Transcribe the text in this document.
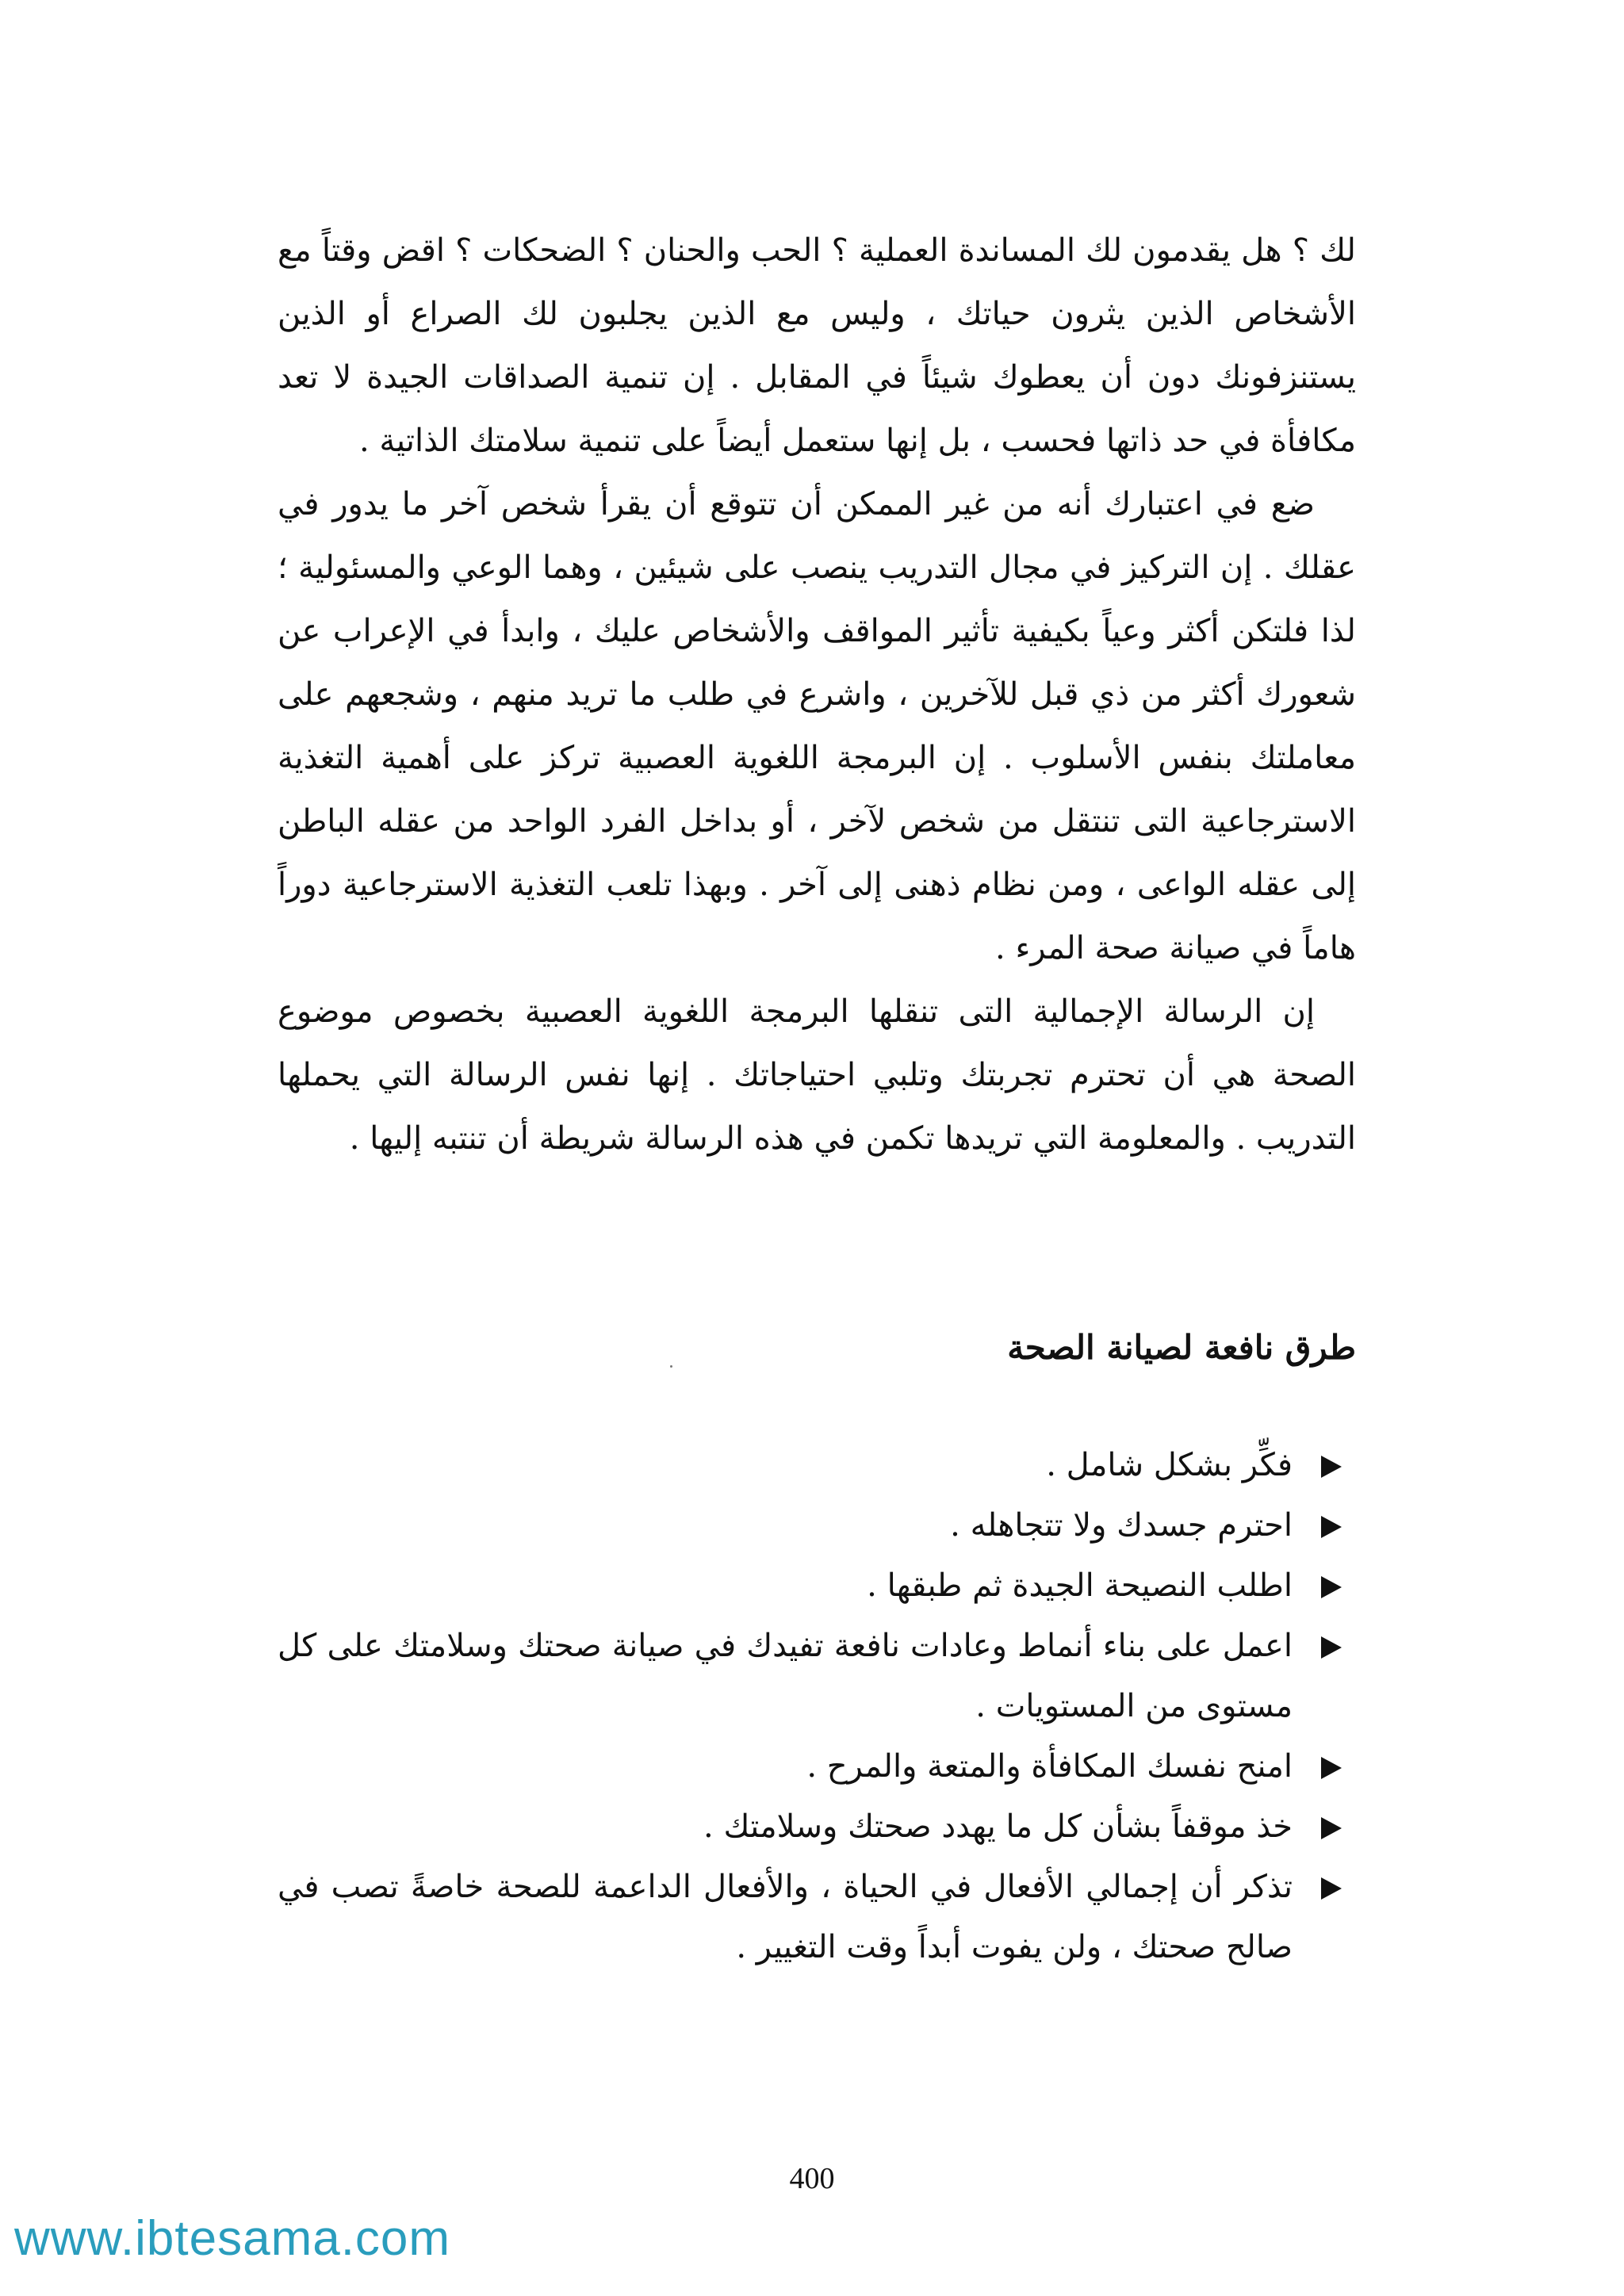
لك ؟ هل يقدمون لك المساندة العملية ؟ الحب والحنان ؟ الضحكات ؟ اقض وقتاً مع الأشخاص الذين يثرون حياتك ، وليس مع الذين يجلبون لك الصراع أو الذين يستنزفونك دون أن يعطوك شيئاً في المقابل . إن تنمية الصداقات الجيدة لا تعد مكافأة في حد ذاتها فحسب ، بل إنها ستعمل أيضاً على تنمية سلامتك الذاتية .

ضع في اعتبارك أنه من غير الممكن أن تتوقع أن يقرأ شخص آخر ما يدور في عقلك . إن التركيز في مجال التدريب ينصب على شيئين ، وهما الوعي والمسئولية ؛ لذا فلتكن أكثر وعياً بكيفية تأثير المواقف والأشخاص عليك ، وابدأ في الإعراب عن شعورك أكثر من ذي قبل للآخرين ، واشرع في طلب ما تريد منهم ، وشجعهم على معاملتك بنفس الأسلوب . إن البرمجة اللغوية العصبية تركز على أهمية التغذية الاسترجاعية التى تنتقل من شخص لآخر ، أو بداخل الفرد الواحد من عقله الباطن إلى عقله الواعى ، ومن نظام ذهنى إلى آخر . وبهذا تلعب التغذية الاسترجاعية دوراً هاماً في صيانة صحة المرء .

إن الرسالة الإجمالية التى تنقلها البرمجة اللغوية العصبية بخصوص موضوع الصحة هي أن تحترم تجربتك وتلبي احتياجاتك . إنها نفس الرسالة التي يحملها التدريب . والمعلومة التي تريدها تكمن في هذه الرسالة شريطة أن تنتبه إليها .

طرق نافعة لصيانة الصحة
فكِّر بشكل شامل .
احترم جسدك ولا تتجاهله .
اطلب النصيحة الجيدة ثم طبقها .
اعمل على بناء أنماط وعادات نافعة تفيدك في صيانة صحتك وسلامتك على كل مستوى من المستويات .
امنح نفسك المكافأة والمتعة والمرح .
خذ موقفاً بشأن كل ما يهدد صحتك وسلامتك .
تذكر أن إجمالي الأفعال في الحياة ، والأفعال الداعمة للصحة خاصةً تصب في صالح صحتك ، ولن يفوت أبداً وقت التغيير .

400

www.ibtesama.com
